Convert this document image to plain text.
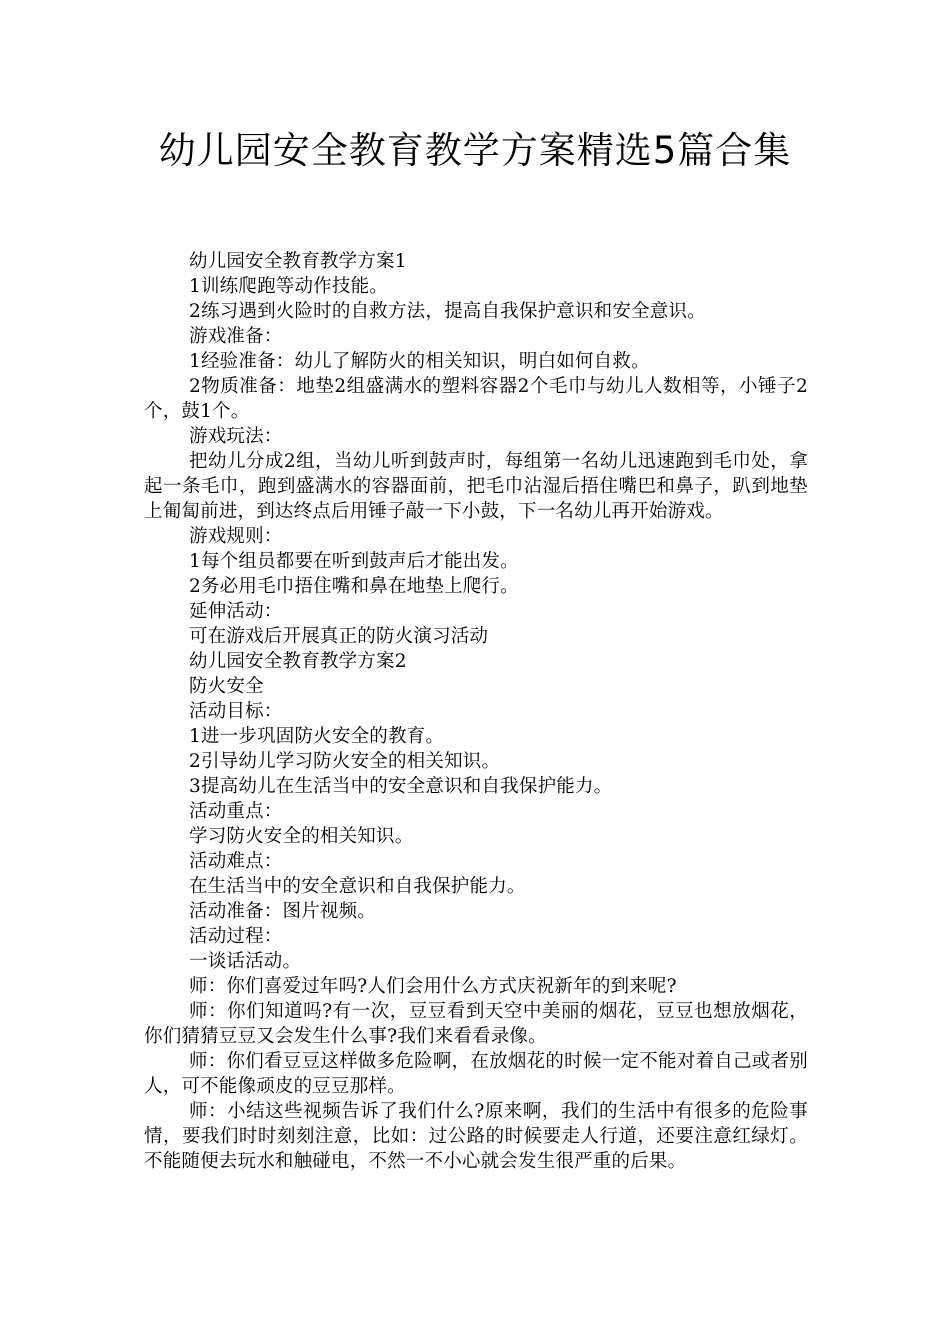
幼儿园安全教育教学方案精选5篇合集

幼儿园安全教育教学方案1

1训练爬跑等动作技能。

2练习遇到火险时的自救方法，提高自我保护意识和安全意识。

游戏准备：

1经验准备：幼儿了解防火的相关知识，明白如何自救。

2物质准备：地垫2组盛满水的塑料容器2个毛巾与幼儿人数相等，小锤子2个，鼓1个。

游戏玩法：

把幼儿分成2组，当幼儿听到鼓声时，每组第一名幼儿迅速跑到毛巾处，拿起一条毛巾，跑到盛满水的容器面前，把毛巾沾湿后捂住嘴巴和鼻子，趴到地垫上匍匐前进，到达终点后用锤子敲一下小鼓，下一名幼儿再开始游戏。

游戏规则：

1每个组员都要在听到鼓声后才能出发。

2务必用毛巾捂住嘴和鼻在地垫上爬行。

延伸活动：

可在游戏后开展真正的防火演习活动

幼儿园安全教育教学方案2

防火安全

活动目标：

1进一步巩固防火安全的教育。

2引导幼儿学习防火安全的相关知识。

3提高幼儿在生活当中的安全意识和自我保护能力。

活动重点：

学习防火安全的相关知识。

活动难点：

在生活当中的安全意识和自我保护能力。

活动准备：图片视频。

活动过程：

一谈话活动。

师：你们喜爱过年吗?人们会用什么方式庆祝新年的到来呢?

师：你们知道吗?有一次，豆豆看到天空中美丽的烟花，豆豆也想放烟花，你们猜猜豆豆又会发生什么事?我们来看看录像。

师：你们看豆豆这样做多危险啊，在放烟花的时候一定不能对着自己或者别人，可不能像顽皮的豆豆那样。

师：小结这些视频告诉了我们什么?原来啊，我们的生活中有很多的危险事情，要我们时时刻刻注意，比如：过公路的时候要走人行道，还要注意红绿灯。不能随便去玩水和触碰电，不然一不小心就会发生很严重的后果。
